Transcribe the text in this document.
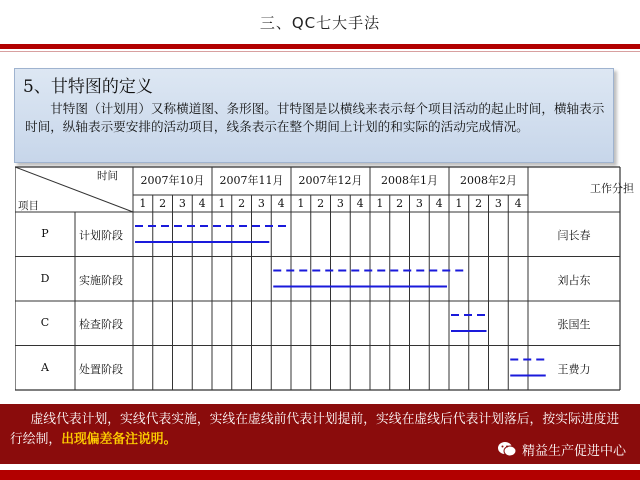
三、QC七大手法
5、甘特图的定义
甘特图（计划用）又称横道图、条形图。甘特图是以横线来表示每个项目活动的起止时间，横轴表示时间，纵轴表示要安排的活动项目，线条表示在整个期间上计划的和实际的活动完成情况。
时间
项目
工作分担
2007年10月
1 2 3 4
2007年11月
1 2 3 4
2007年12月
1 2 3 4
2008年1月
1 2 3 4
2008年2月
1 2 3 4
P	计划阶段	闫长春
D	实施阶段	刘占东
C	检查阶段	张国生
A	处置阶段	王费力
虚线代表计划，实线代表实施，实线在虚线前代表计划提前，实线在虚线后代表计划落后，按实际进度进行绘制，出现偏差备注说明。
精益生产促进中心
